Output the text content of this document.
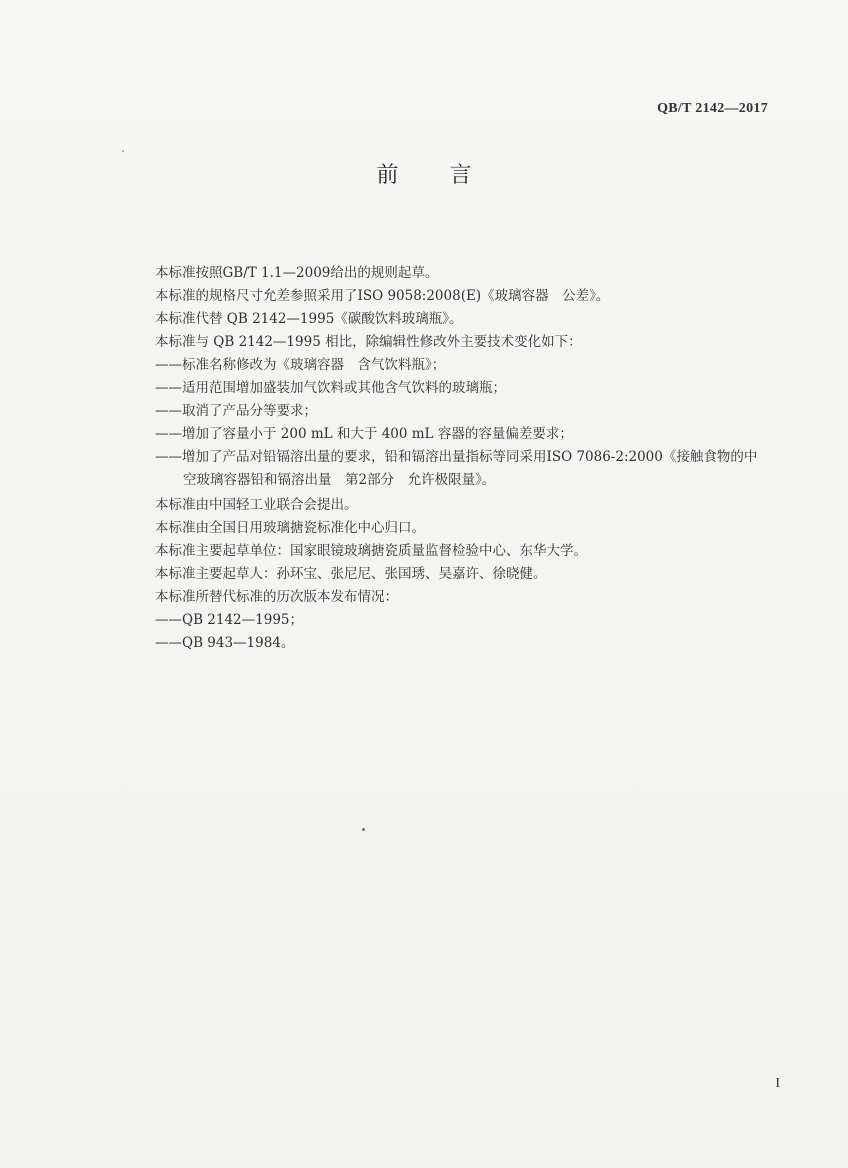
QB/T 2142—2017
前 言
本标准按照GB/T 1.1—2009给出的规则起草。
本标准的规格尺寸允差参照采用了ISO 9058:2008(E)《玻璃容器　公差》。
本标准代替 QB 2142—1995《碳酸饮料玻璃瓶》。
本标准与 QB 2142—1995 相比，除编辑性修改外主要技术变化如下：
——标准名称修改为《玻璃容器　含气饮料瓶》；
——适用范围增加盛装加气饮料或其他含气饮料的玻璃瓶；
——取消了产品分等要求；
——增加了容量小于 200 mL 和大于 400 mL 容器的容量偏差要求；
——增加了产品对铅镉溶出量的要求，铅和镉溶出量指标等同采用ISO 7086-2:2000《接触食物的中
空玻璃容器铅和镉溶出量　第2部分　允许极限量》。
本标准由中国轻工业联合会提出。
本标准由全国日用玻璃搪瓷标准化中心归口。
本标准主要起草单位：国家眼镜玻璃搪瓷质量监督检验中心、东华大学。
本标准主要起草人：孙环宝、张尼尼、张国琇、吴嘉许、徐晓健。
本标准所替代标准的历次版本发布情况：
——QB 2142—1995；
——QB 943—1984。
I
